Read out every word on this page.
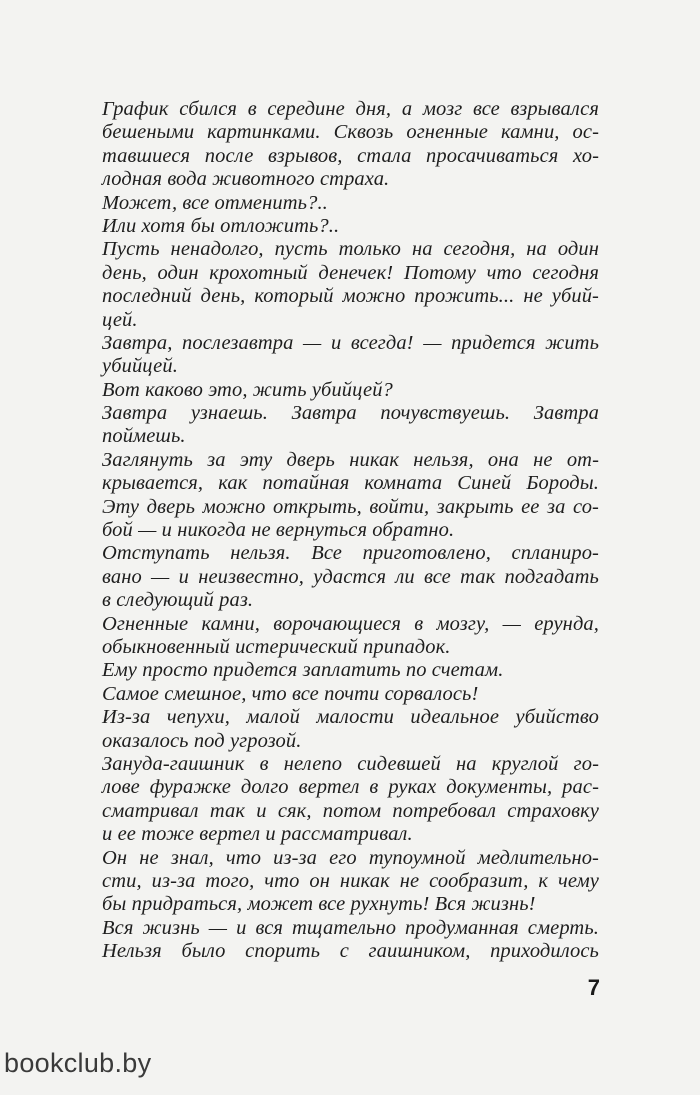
График сбился в середине дня, а мозг все взрывался
бешеными картинками. Сквозь огненные камни, ос-
тавшиеся после взрывов, стала просачиваться хо-
лодная вода животного страха.
Может, все отменить?..
Или хотя бы отложить?..
Пусть ненадолго, пусть только на сегодня, на один
день, один крохотный денечек! Потому что сегодня
последний день, который можно прожить... не убий-
цей.
Завтра, послезавтра — и всегда! — придется жить
убийцей.
Вот каково это, жить убийцей?
Завтра узнаешь. Завтра почувствуешь. Завтра
поймешь.
Заглянуть за эту дверь никак нельзя, она не от-
крывается, как потайная комната Синей Бороды.
Эту дверь можно открыть, войти, закрыть ее за со-
бой — и никогда не вернуться обратно.
Отступать нельзя. Все приготовлено, спланиро-
вано — и неизвестно, удастся ли все так подгадать
в следующий раз.
Огненные камни, ворочающиеся в мозгу, — ерунда,
обыкновенный истерический припадок.
Ему просто придется заплатить по счетам.
Самое смешное, что все почти сорвалось!
Из-за чепухи, малой малости идеальное убийство
оказалось под угрозой.
Зануда-гаишник в нелепо сидевшей на круглой го-
лове фуражке долго вертел в руках документы, рас-
сматривал так и сяк, потом потребовал страховку
и ее тоже вертел и рассматривал.
Он не знал, что из-за его тупоумной медлительно-
сти, из-за того, что он никак не сообразит, к чему
бы придраться, может все рухнуть! Вся жизнь!
Вся жизнь — и вся тщательно продуманная смерть.
Нельзя было спорить с гаишником, приходилось
7
bookclub.by
